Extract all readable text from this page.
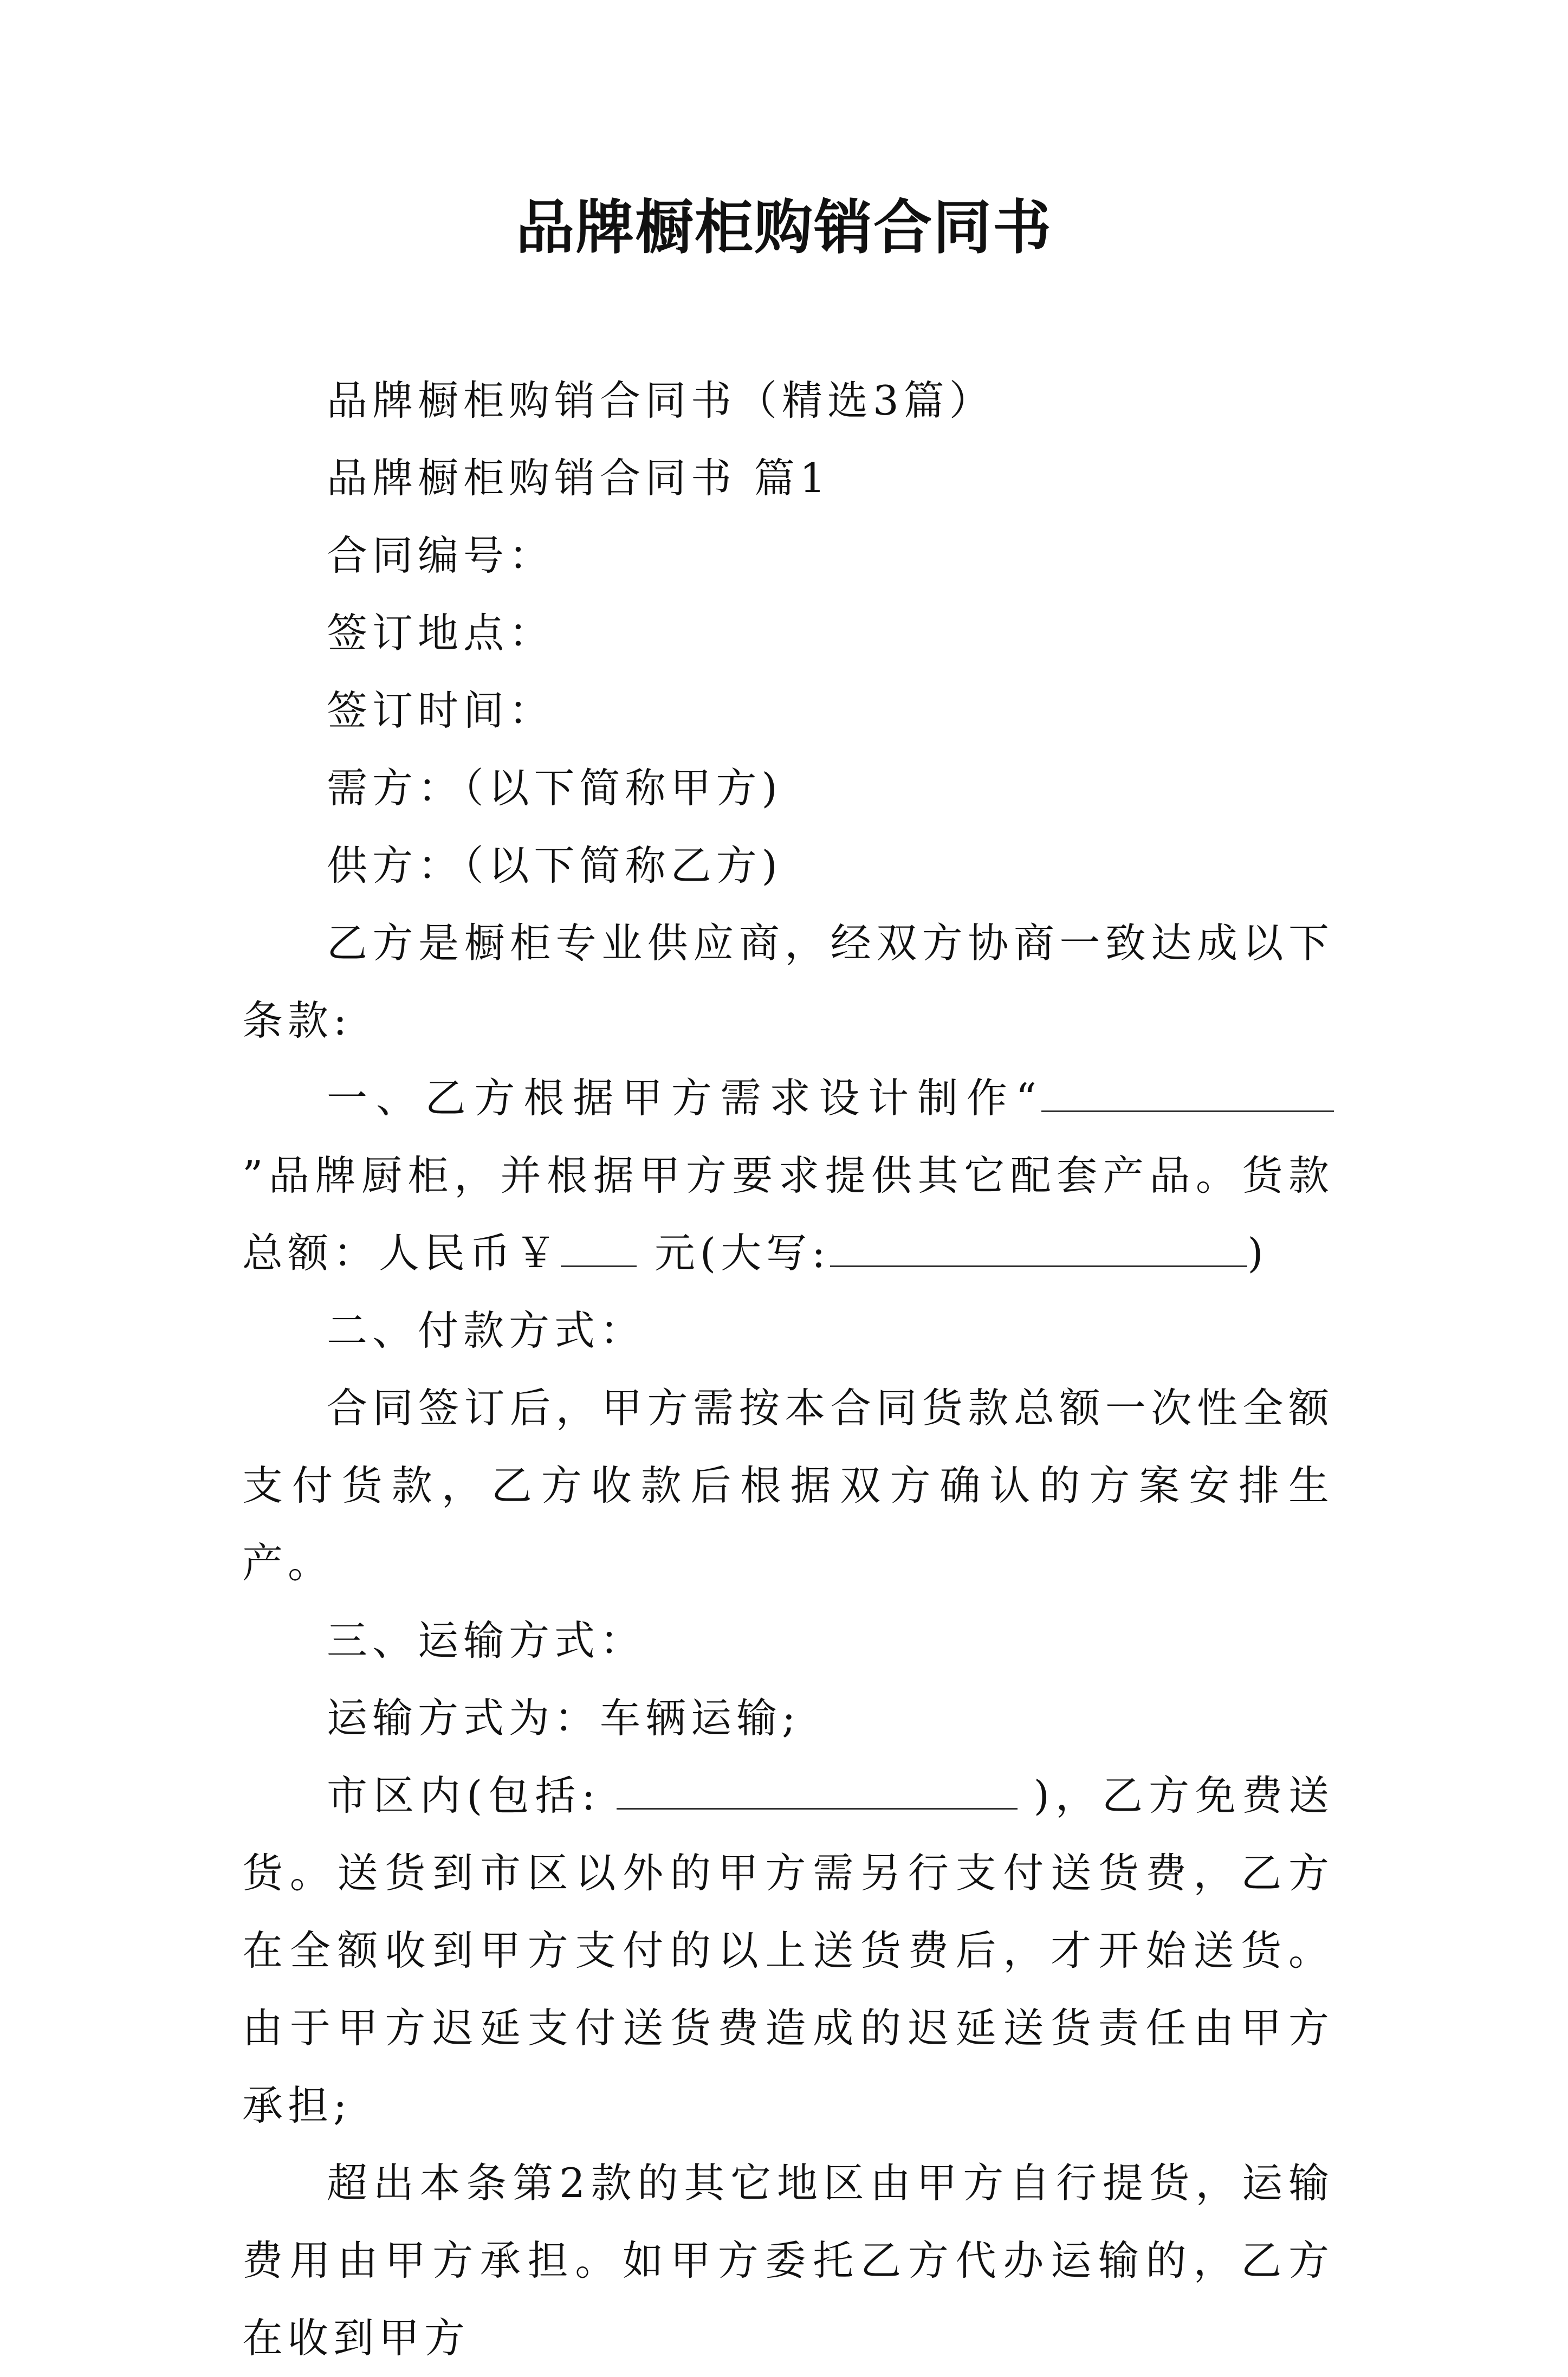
品牌橱柜购销合同书

品牌橱柜购销合同书（精选3篇）

品牌橱柜购销合同书 篇1

合同编号：

签订地点：

签订时间：

需方：（以下简称甲方)

供方：（以下简称乙方)

乙方是橱柜专业供应商，经双方协商一致达成以下条款:

一、乙方根据甲方需求设计制作“”品牌厨柜，并根据甲方要求提供其它配套产品。货款总额：人民币￥ 元(大写:	)

二、付款方式：

合同签订后，甲方需按本合同货款总额一次性全额支付货款，乙方收款后根据双方确认的方案安排生产。

三、运输方式：

运输方式为：车辆运输;

市区内(包括:	)，乙方免费送货。送货到市区以外的甲方需另行支付送货费，乙方在全额收到甲方支付的以上送货费后，才开始送货。由于甲方迟延支付送货费造成的迟延送货责任由甲方承担;

超出本条第2款的其它地区由甲方自行提货，运输费用由甲方承担。如甲方委托乙方代办运输的，乙方在收到甲方
